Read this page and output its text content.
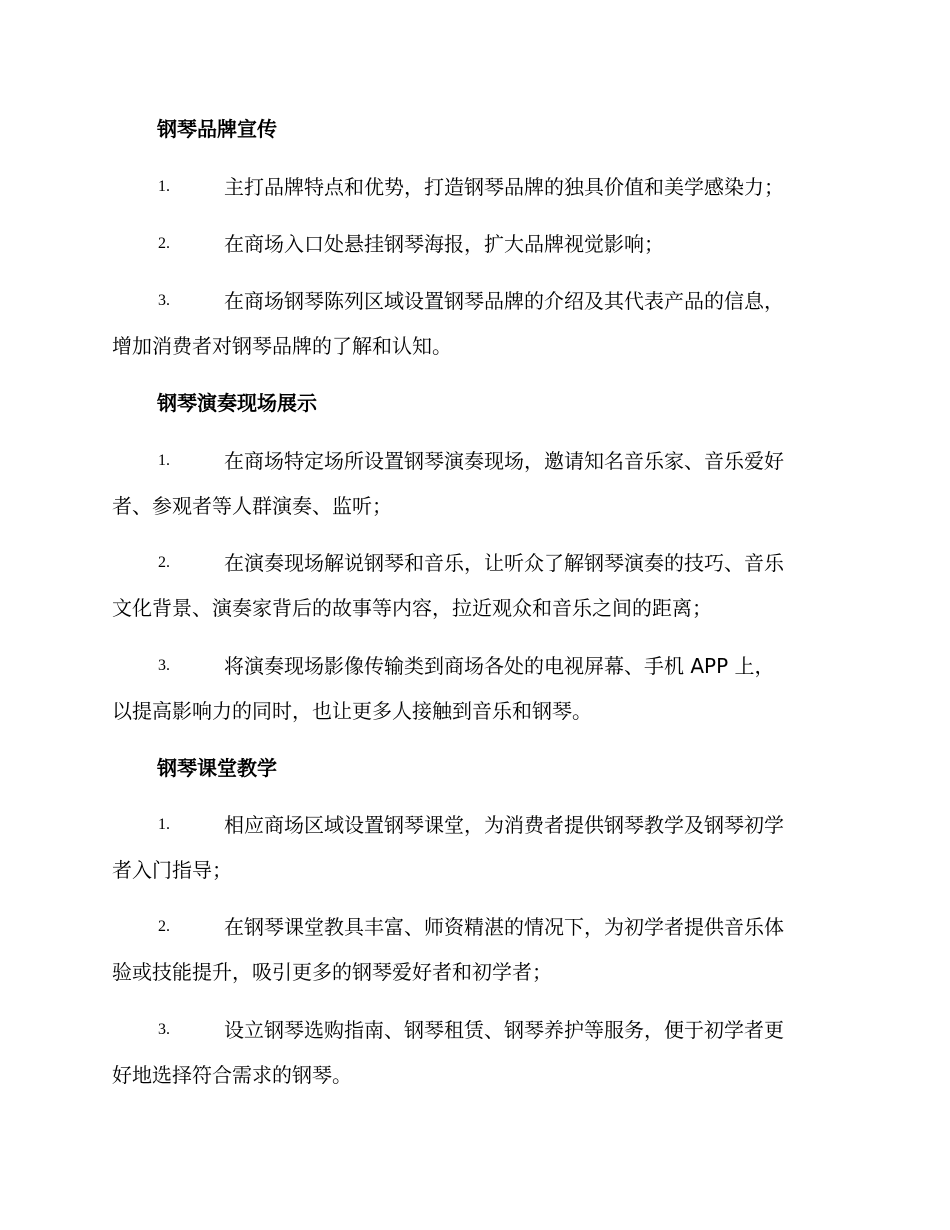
钢琴品牌宣传
1.	主打品牌特点和优势，打造钢琴品牌的独具价值和美学感染力；
2.	在商场入口处悬挂钢琴海报，扩大品牌视觉影响；
3.	在商场钢琴陈列区域设置钢琴品牌的介绍及其代表产品的信息，
增加消费者对钢琴品牌的了解和认知。
钢琴演奏现场展示
1.	在商场特定场所设置钢琴演奏现场，邀请知名音乐家、音乐爱好
者、参观者等人群演奏、监听；
2.	在演奏现场解说钢琴和音乐，让听众了解钢琴演奏的技巧、音乐
文化背景、演奏家背后的故事等内容，拉近观众和音乐之间的距离；
3.	将演奏现场影像传输类到商场各处的电视屏幕、手机 APP 上，
以提高影响力的同时，也让更多人接触到音乐和钢琴。
钢琴课堂教学
1.	相应商场区域设置钢琴课堂，为消费者提供钢琴教学及钢琴初学
者入门指导；
2.	在钢琴课堂教具丰富、师资精湛的情况下，为初学者提供音乐体
验或技能提升，吸引更多的钢琴爱好者和初学者；
3.	设立钢琴选购指南、钢琴租赁、钢琴养护等服务，便于初学者更
好地选择符合需求的钢琴。
